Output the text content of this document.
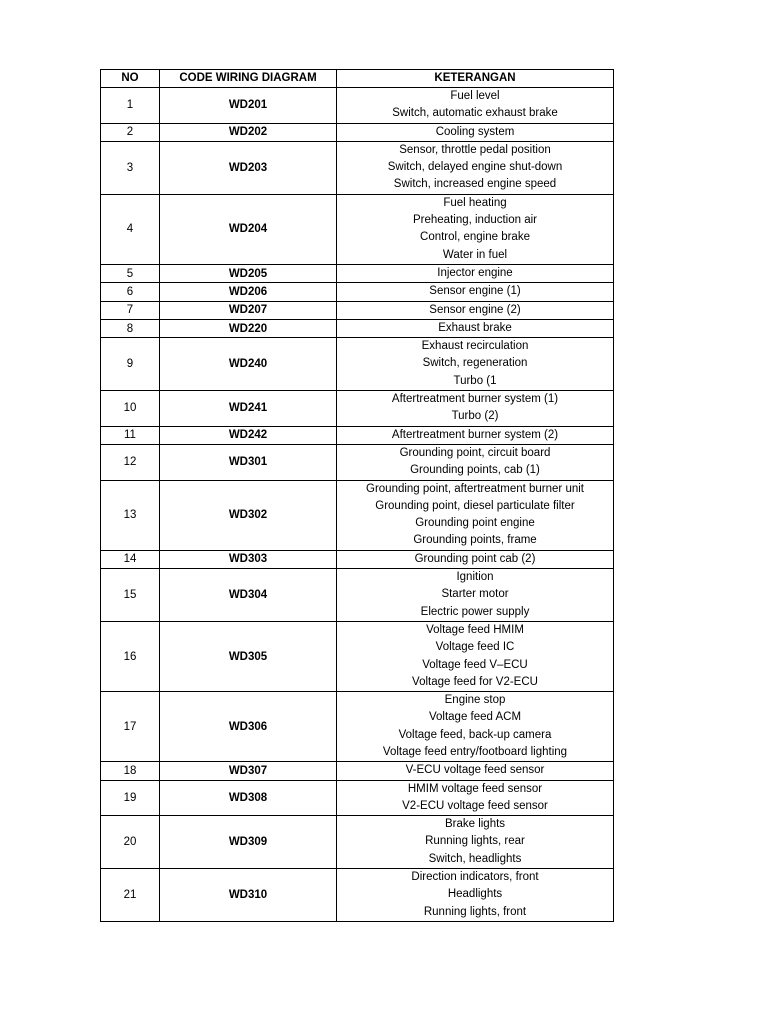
NO	CODE WIRING DIAGRAM	KETERANGAN
1	WD201	Fuel level
Switch, automatic exhaust brake

2	WD202	Cooling system

3	WD203	Sensor, throttle pedal position
Switch, delayed engine shut-down
Switch, increased engine speed

4	WD204	Fuel heating
Preheating, induction air
Control, engine brake
Water in fuel

5	WD205	Injector engine

6	WD206	Sensor engine (1)

7	WD207	Sensor engine (2)

8	WD220	Exhaust brake

9	WD240	Exhaust recirculation
Switch, regeneration
Turbo (1

10	WD241	Aftertreatment burner system (1)
Turbo (2)

11	WD242	Aftertreatment burner system (2)

12	WD301	Grounding point, circuit board
Grounding points, cab (1)

13	WD302	Grounding point, aftertreatment burner unit
Grounding point, diesel particulate filter
Grounding point engine
Grounding points, frame

14	WD303	Grounding point cab (2)

15	WD304	Ignition
Starter motor
Electric power supply

16	WD305	Voltage feed HMIM
Voltage feed IC
Voltage feed V–ECU
Voltage feed for V2-ECU

17	WD306	Engine stop
Voltage feed ACM
Voltage feed, back-up camera
Voltage feed entry/footboard lighting

18	WD307	V-ECU voltage feed sensor

19	WD308	HMIM voltage feed sensor
V2-ECU voltage feed sensor

20	WD309	Brake lights
Running lights, rear
Switch, headlights

21	WD310	Direction indicators, front
Headlights
Running lights, front
